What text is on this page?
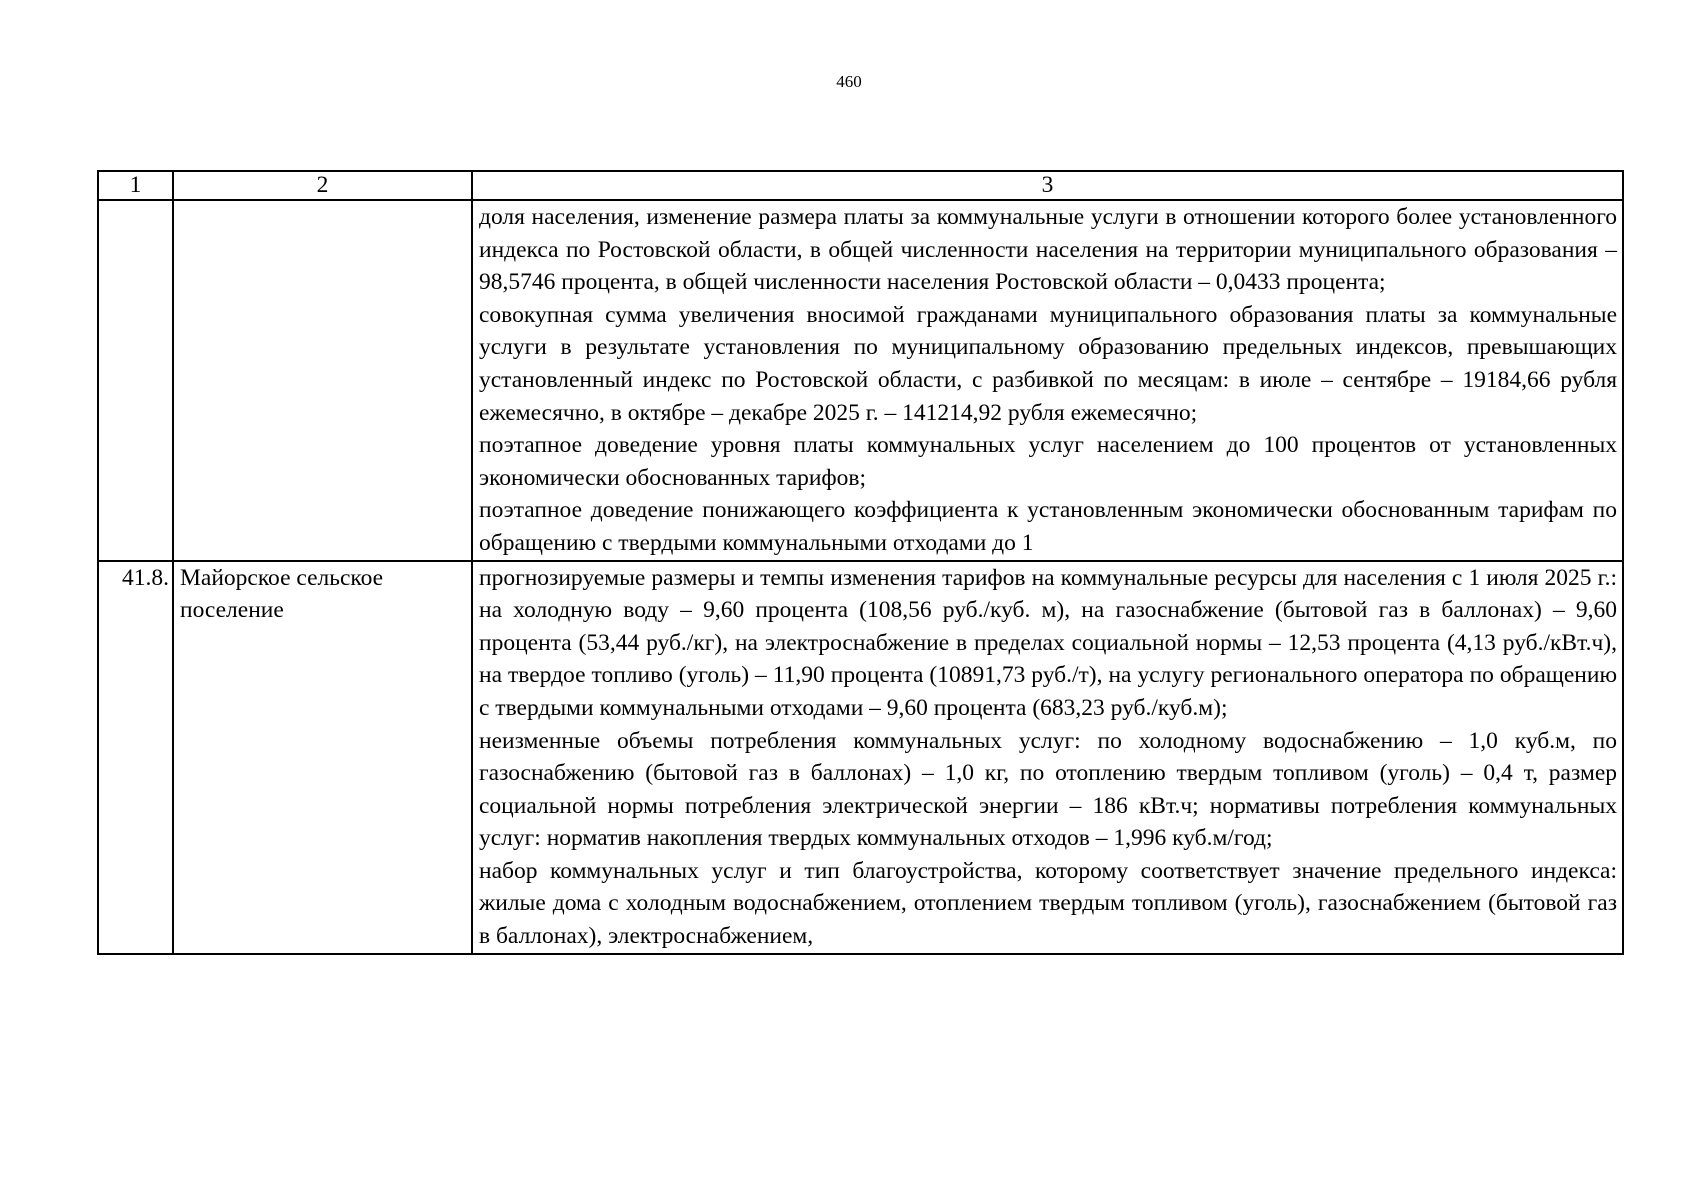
460
1	2	3

		доля населения, изменение размера платы за коммунальные услуги в отношении которого более установленного индекса по Ростовской области, в общей численности населения на территории муниципального образования – 98,5746 процента, в общей численности населения Ростовской области – 0,0433 процента;

совокупная сумма увеличения вносимой гражданами муниципального образования платы за коммунальные услуги в результате установления по муниципальному образованию предельных индексов, превышающих установленный индекс по Ростовской области, с разбивкой по месяцам: в июле – сентябре – 19184,66 рубля ежемесячно, в октябре – декабре 2025 г. – 141214,92 рубля ежемесячно;

поэтапное доведение уровня платы коммунальных услуг населением до 100 процентов от установленных экономически обоснованных тарифов;

поэтапное доведение понижающего коэффициента к установленным экономически обоснованным тарифам по обращению с твердыми коммунальными отходами до 1

41.8.	Майорское сельское поселение	прогнозируемые размеры и темпы изменения тарифов на коммунальные ресурсы для населения с 1 июля 2025 г.: на холодную воду – 9,60 процента (108,56 руб./куб. м), на газоснабжение (бытовой газ в баллонах) – 9,60 процента (53,44 руб./кг), на электроснабжение в пределах социальной нормы – 12,53 процента (4,13 руб./кВт.ч), на твердое топливо (уголь) – 11,90 процента (10891,73 руб./т), на услугу регионального оператора по обращению с твердыми коммунальными отходами – 9,60 процента (683,23 руб./куб.м);

неизменные объемы потребления коммунальных услуг: по холодному водоснабжению – 1,0 куб.м, по газоснабжению (бытовой газ в баллонах) – 1,0 кг, по отоплению твердым топливом (уголь) – 0,4 т, размер социальной нормы потребления электрической энергии – 186 кВт.ч; нормативы потребления коммунальных услуг: норматив накопления твердых коммунальных отходов – 1,996 куб.м/год;

набор коммунальных услуг и тип благоустройства, которому соответствует значение предельного индекса: жилые дома с холодным водоснабжением, отоплением твердым топливом (уголь), газоснабжением (бытовой газ в баллонах), электроснабжением,
